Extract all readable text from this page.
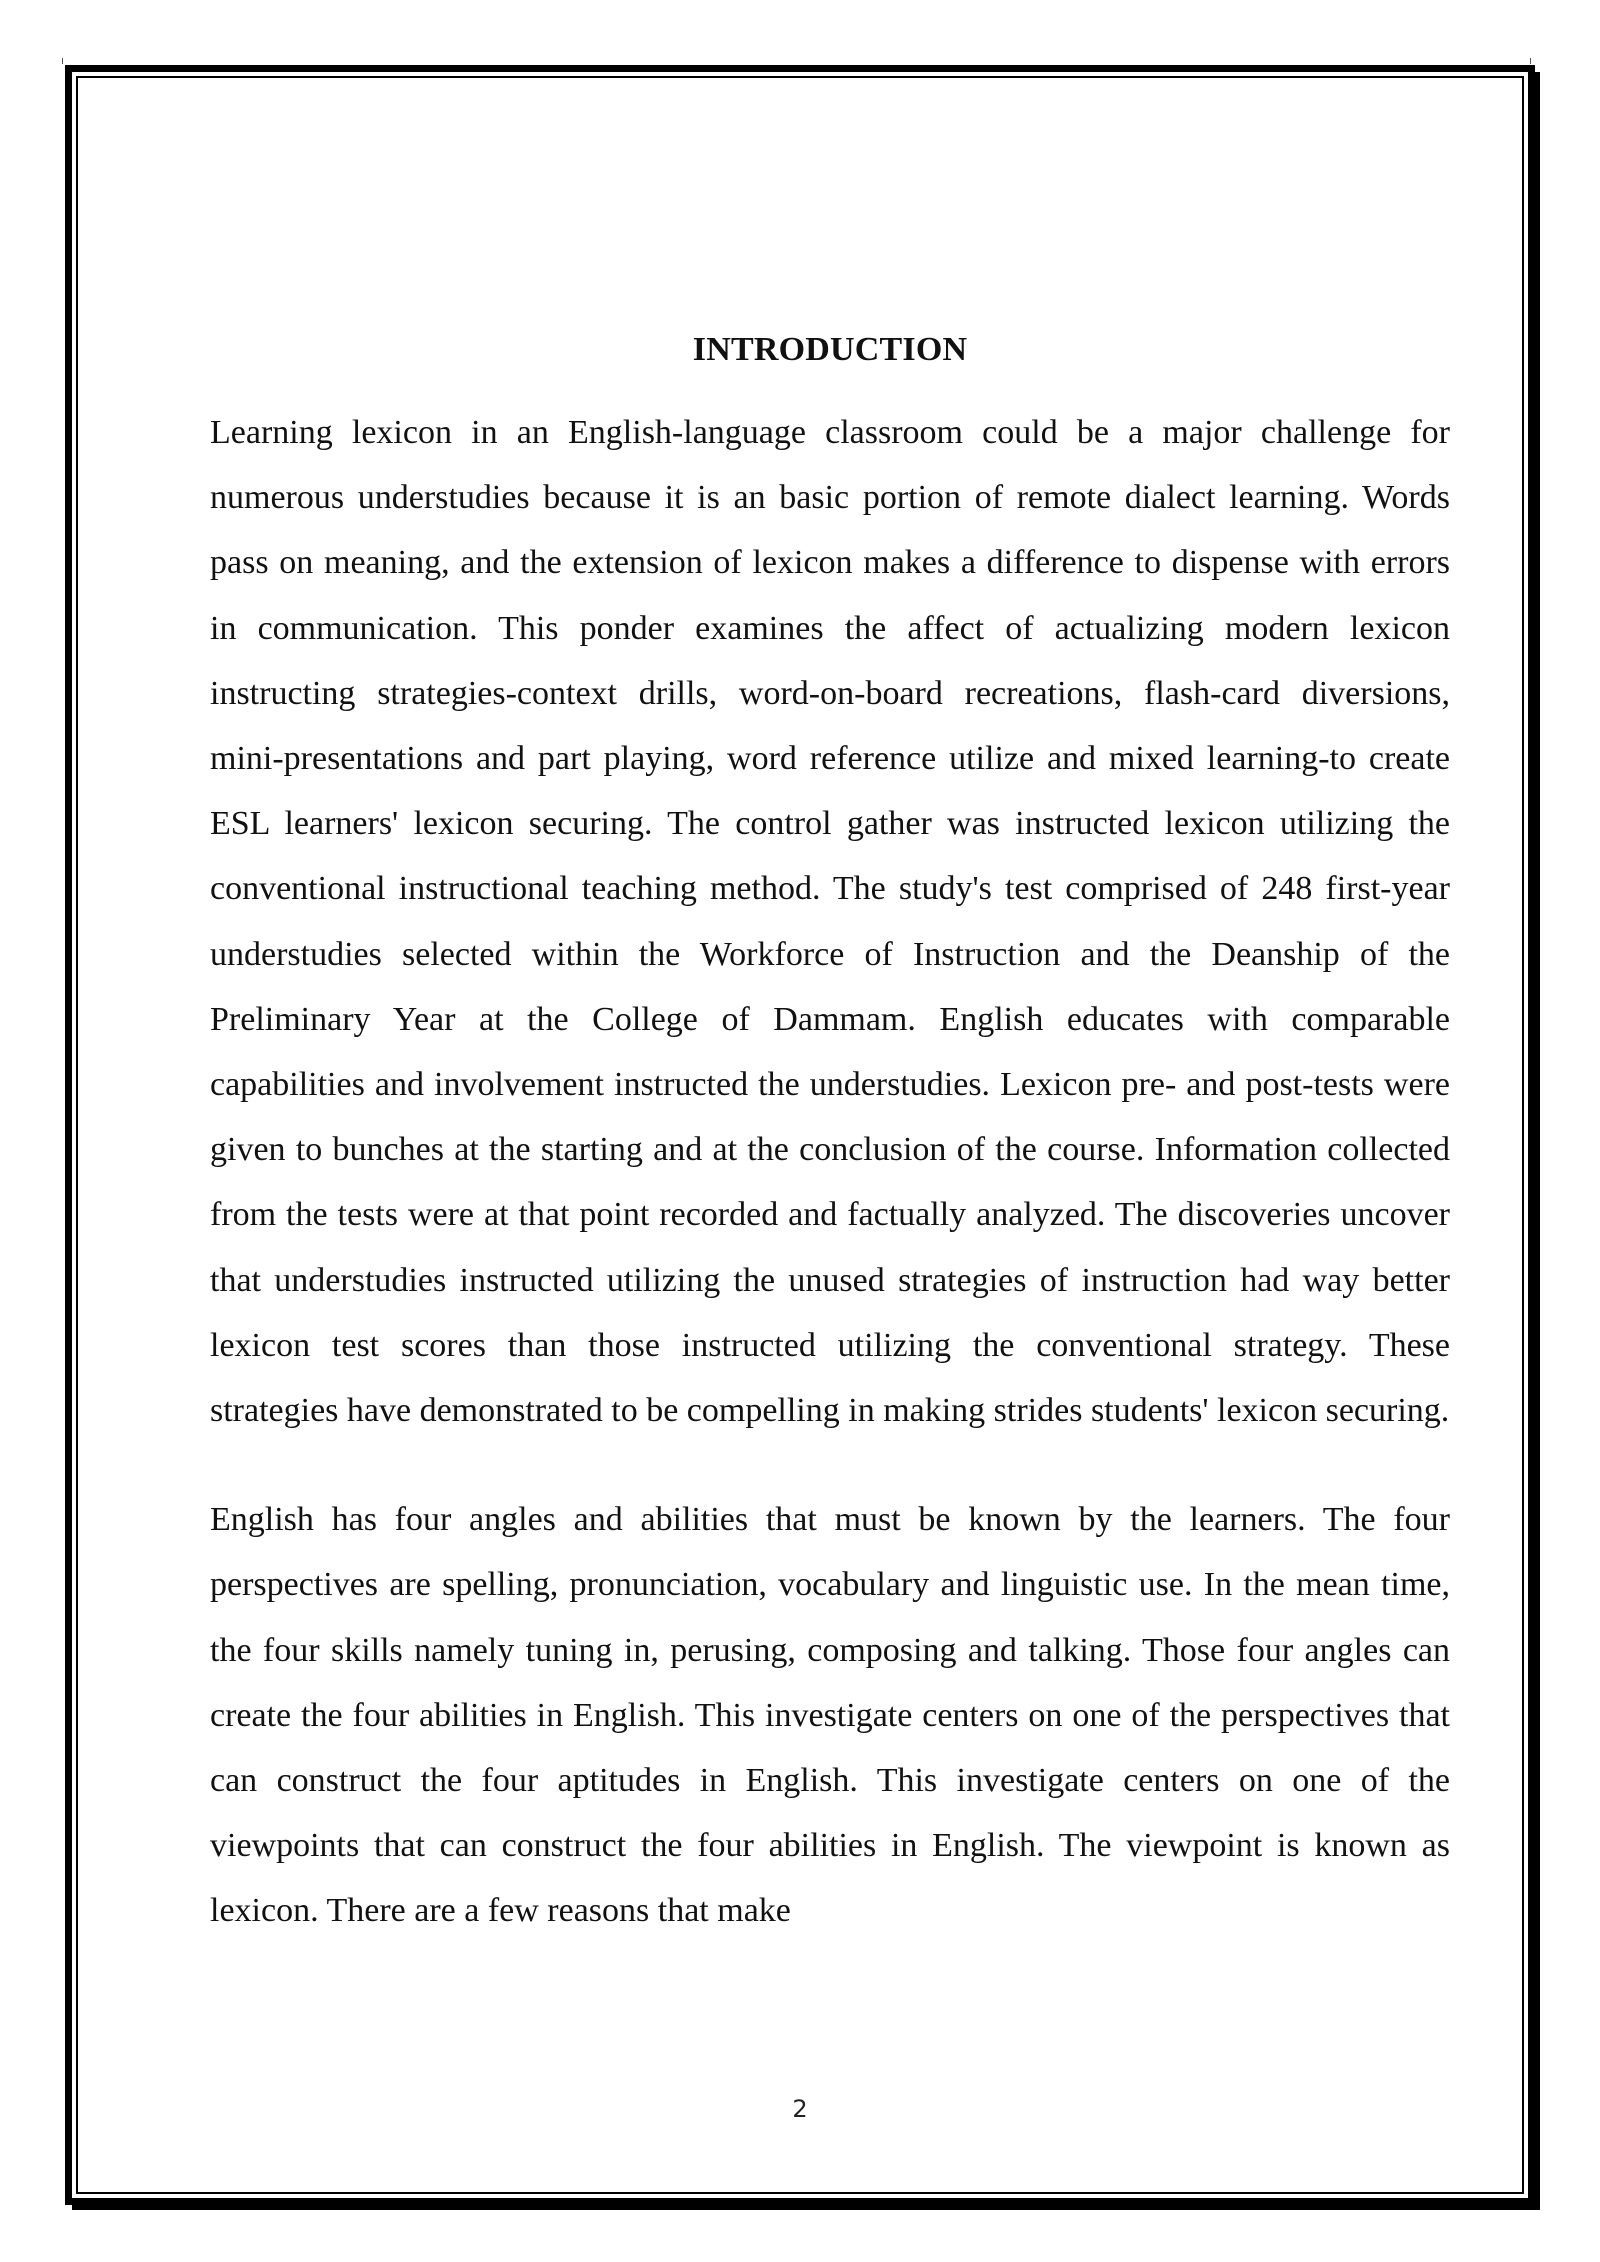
INTRODUCTION

Learning lexicon in an English-language classroom could be a major challenge for numerous understudies because it is an basic portion of remote dialect learning. Words pass on meaning, and the extension of lexicon makes a difference to dispense with errors in communication. This ponder examines the affect of actualizing modern lexicon instructing strategies-context drills, word-on-board recreations, flash-card diversions, mini-presentations and part playing, word reference utilize and mixed learning-to create ESL learners' lexicon securing. The control gather was instructed lexicon utilizing the conventional instructional teaching method. The study's test comprised of 248 first-year understudies selected within the Workforce of Instruction and the Deanship of the Preliminary Year at the College of Dammam. English educates with comparable capabilities and involvement instructed the understudies. Lexicon pre- and post-tests were given to bunches at the starting and at the conclusion of the course. Information collected from the tests were at that point recorded and factually analyzed. The discoveries uncover that understudies instructed utilizing the unused strategies of instruction had way better lexicon test scores than those instructed utilizing the conventional strategy. These strategies have demonstrated to be compelling in making strides students' lexicon securing.

English has four angles and abilities that must be known by the learners. The four perspectives are spelling, pronunciation, vocabulary and linguistic use. In the mean time, the four skills namely tuning in, perusing, composing and talking. Those four angles can create the four abilities in English. This investigate centers on one of the perspectives that can construct the four aptitudes in English. This investigate centers on one of the viewpoints that can construct the four abilities in English. The viewpoint is known as lexicon. There are a few reasons that make

2
